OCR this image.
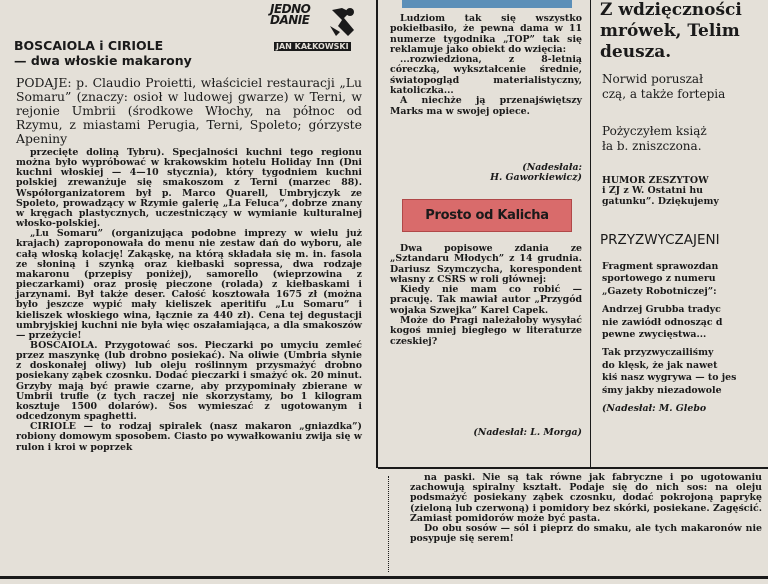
JEDNO
DANIE
JAN KAŁKOWSKI
BOSCAIOLA i CIRIOLE
— dwa włoskie makarony
PODAJE: p. Claudio Proietti, właściciel restauracji „Lu Somaru” (znaczy: osioł w ludowej gwarze) w Terni, w rejonie Umbrii (środkowe Włochy, na północ od Rzymu, z miastami Perugia, Terni, Spoleto; górzyste Apeniny

przecięte doliną Tybru). Specjalności kuchni tego regionu można było wypróbować w krakowskim hotelu Holiday Inn (Dni kuchni włoskiej — 4—10 stycznia), który tygodniem kuchni polskiej zrewanżuje się smakoszom z Terni (marzec 88). Współorganizatorem był p. Marco Quarell, Umbryjczyk ze Spoleto, prowadzący w Rzymie galerię „La Feluca”, dobrze znany w kręgach plastycznych, uczestniczący w wymianie kulturalnej włosko-polskiej.

„Lu Somaru” (organizująca podobne imprezy w wielu już krajach) zaproponowała do menu nie zestaw dań do wyboru, ale całą włoską kolację! Zakąskę, na którą składała się m. in. fasola ze słoniną i szynką oraz kiełbaski sopressa, dwa rodzaje makaronu (przepisy poniżej), samorello (wieprzowina z pieczarkami) oraz prosię pieczone (rolada) z kiełbaskami i jarzynami. Był także deser. Całość kosztowała 1675 zł (można było jeszcze wypić mały kieliszek aperitifu „Lu Somaru” i kieliszek włoskiego wina, łącznie za 440 zł). Cena tej degustacji umbryjskiej kuchni nie była więc oszałamiająca, a dla smakoszów — przeżycie!

BOSCAIOLA. Przygotować sos. Pieczarki po umyciu zemleć przez maszynkę (lub drobno posiekać). Na oliwie (Umbria słynie z doskonałej oliwy) lub oleju roślinnym przysmażyć drobno posiekany ząbek czosnku. Dodać pieczarki i smażyć ok. 20 minut. Grzyby mają być prawie czarne, aby przypominały zbierane w Umbrii trufle (z tych raczej nie skorzystamy, bo 1 kilogram kosztuje 1500 dolarów). Sos wymieszać z ugotowanym i odcedzonym spaghetti.

CIRIOLE — to rodzaj spiralek (nasz makaron „gniazdka”) robiony domowym sposobem. Ciasto po wywałkowaniu zwija się w rulon i kroi w poprzek

Ludziom tak się wszystko pokiełbasiło, że pewna dama w 11 numerze tygodnika „TOP” tak się reklamuje jako obiekt do wzięcia:

...rozwiedziona, z 8-letnią córeczką, wykształcenie średnie, światopogląd materialistyczny, katoliczka...

A niechże ją przenajświętszy Marks ma w swojej opiece.

(Nadesłała:
H. Gaworkiewicz)
Prosto od Kalicha

Dwa popisowe zdania ze „Sztandaru Młodych” z 14 grudnia. Dariusz Szymczycha, korespondent własny z CSRS w roli głównej:

Kiedy nie mam co robić — pracuję. Tak mawiał autor „Przygód wojaka Szwejka” Karel Capek.

Może do Pragi należałoby wysyłać kogoś mniej biegłego w literaturze czeskiej?

(Nadesłał: L. Morga)
Z wdzięczności
mrówek, Telim
deusza.
Norwid poruszał
czą, a także fortepia
Pożyczyłem książ
ła b. zniszczona.
HUMOR ZESZYTÓW
i ZJ z W. Ostatni hu
gatunku”. Dziękujemy
PRZYZWYCZAJENI
Fragment sprawozdan
sportowego z numeru
„Gazety Robotniczej”:
Andrzej Grubba tradyc
nie zawiódł odnosząc d
pewne zwycięstwa...
Tak przyzwyczailiśmy
do klęsk, że jak nawet
kiś nasz wygrywa — to jes
śmy jakby niezadowole
(Nadesłał: M. Glebo

na paski. Nie są tak równe jak fabryczne i po ugotowaniu zachowują spiralny kształt. Podaje się do nich sos: na oleju podsmażyć posiekany ząbek czosnku, dodać pokrojoną paprykę (zieloną lub czerwoną) i pomidory bez skórki, posiekane. Zagęścić. Zamiast pomidorów może być pasta.

Do obu sosów — sól i pieprz do smaku, ale tych makaronów nie posypuje się serem!
